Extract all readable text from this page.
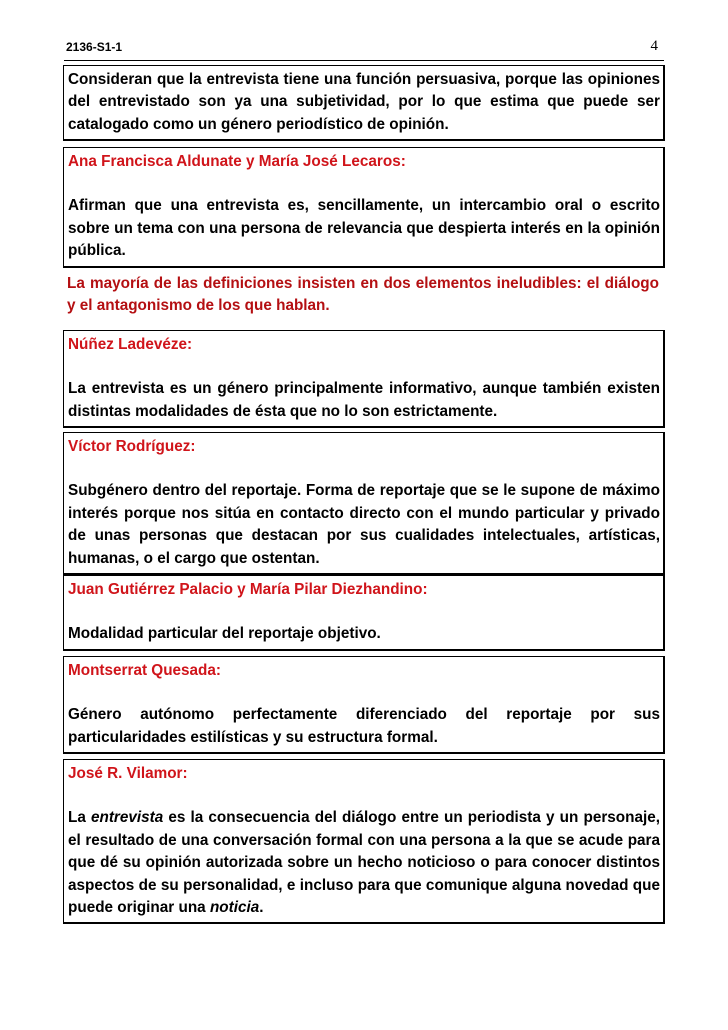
2136-S1-1	4
Consideran que la entrevista tiene una función persuasiva, porque las opiniones del entrevistado son ya una subjetividad, por lo que estima que puede ser catalogado como un género periodístico de opinión.
Ana Francisca Aldunate y María José Lecaros:
Afirman que una entrevista es, sencillamente, un intercambio oral o escrito sobre un tema con una persona de relevancia que despierta interés en la opinión pública.
La mayoría de las definiciones insisten en dos elementos ineludibles: el diálogo y el antagonismo de los que hablan.
Núñez Ladevéze:
La entrevista es un género principalmente informativo, aunque también existen distintas modalidades de ésta que no lo son estrictamente.
Víctor Rodríguez:
Subgénero dentro del reportaje. Forma de reportaje que se le supone de máximo interés porque nos sitúa en contacto directo con el mundo particular y privado de unas personas que destacan por sus cualidades intelectuales, artísticas, humanas, o el cargo que ostentan.
Juan Gutiérrez Palacio y María Pilar Diezhandino:
Modalidad particular del reportaje objetivo.
Montserrat Quesada:
Género autónomo perfectamente diferenciado del reportaje por sus particularidades estilísticas y su estructura formal.
José R. Vilamor:
La entrevista es la consecuencia del diálogo entre un periodista y un personaje, el resultado de una conversación formal con una persona a la que se acude para que dé su opinión autorizada sobre un hecho noticioso o para conocer distintos aspectos de su personalidad, e incluso para que comunique alguna novedad que puede originar una noticia.
